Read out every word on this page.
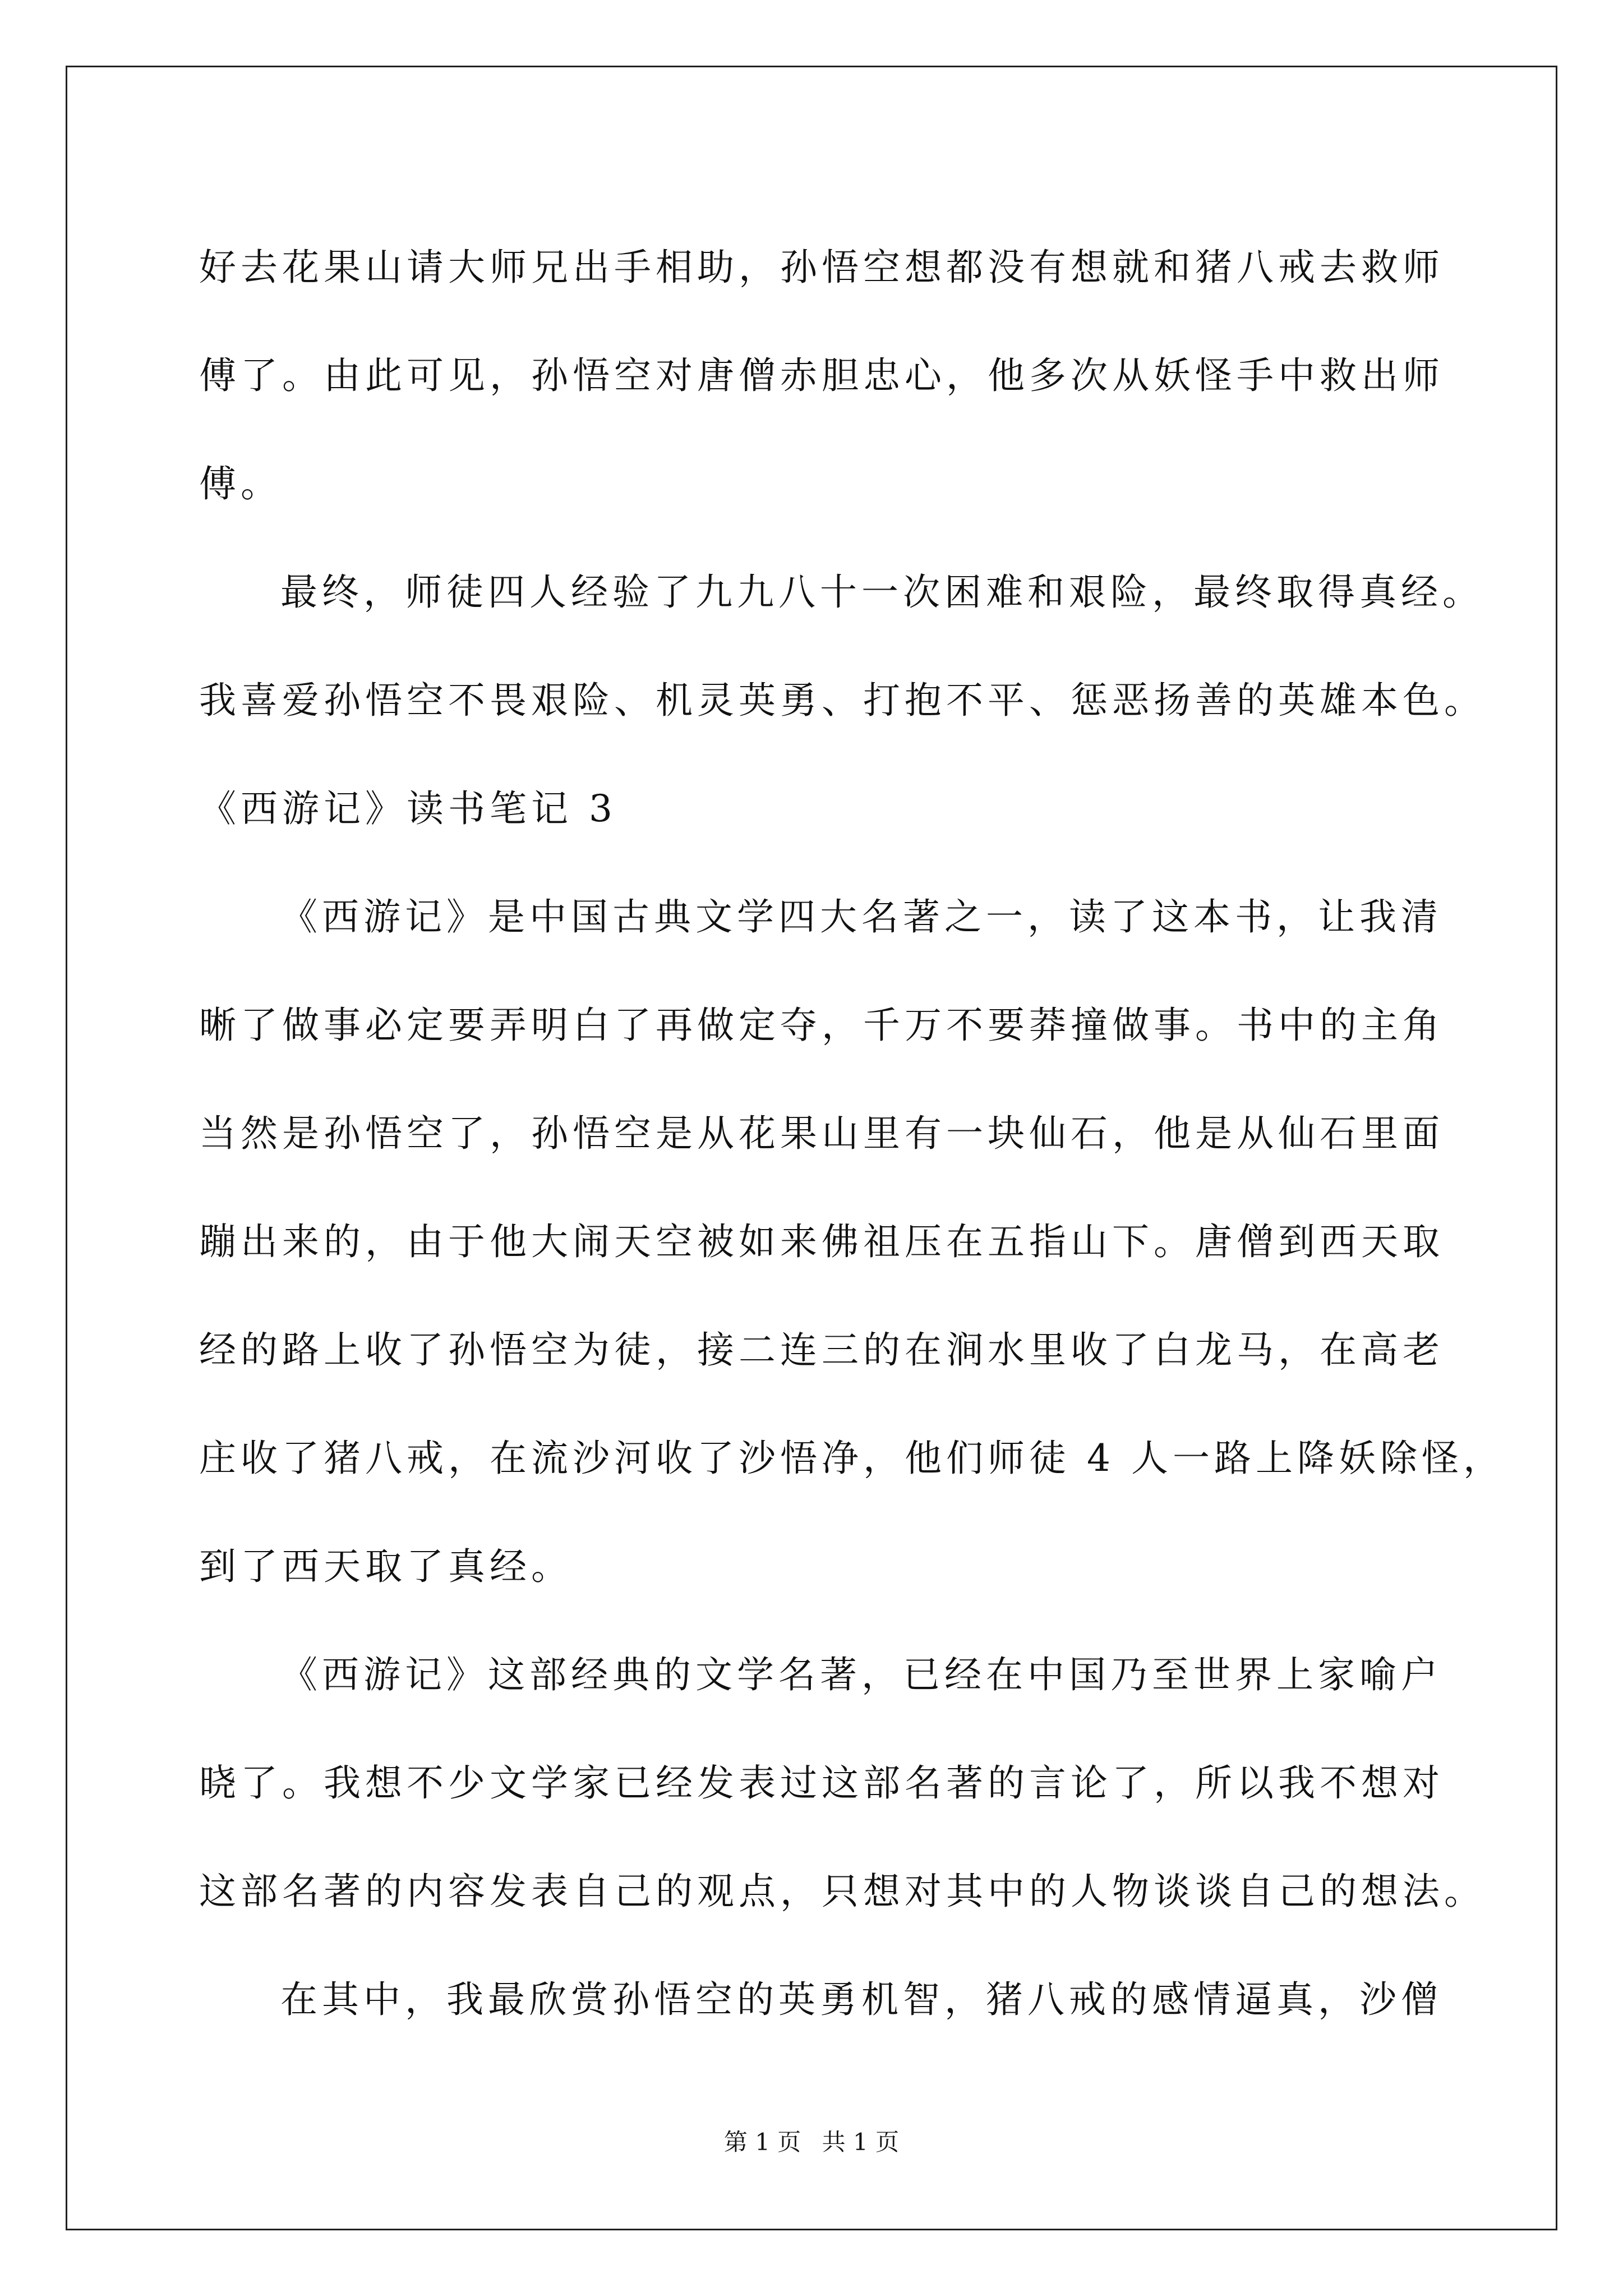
好去花果山请大师兄出手相助，孙悟空想都没有想就和猪八戒去救师
傅了。由此可见，孙悟空对唐僧赤胆忠心，他多次从妖怪手中救出师
傅。
最终，师徒四人经验了九九八十一次困难和艰险，最终取得真经。
我喜爱孙悟空不畏艰险、机灵英勇、打抱不平、惩恶扬善的英雄本色。
《西游记》读书笔记 3
《西游记》是中国古典文学四大名著之一，读了这本书，让我清
晰了做事必定要弄明白了再做定夺，千万不要莽撞做事。书中的主角
当然是孙悟空了，孙悟空是从花果山里有一块仙石，他是从仙石里面
蹦出来的，由于他大闹天空被如来佛祖压在五指山下。唐僧到西天取
经的路上收了孙悟空为徒，接二连三的在涧水里收了白龙马，在高老
庄收了猪八戒，在流沙河收了沙悟净，他们师徒 4 人一路上降妖除怪，
到了西天取了真经。
《西游记》这部经典的文学名著，已经在中国乃至世界上家喻户
晓了。我想不少文学家已经发表过这部名著的言论了，所以我不想对
这部名著的内容发表自己的观点，只想对其中的人物谈谈自己的想法。
在其中，我最欣赏孙悟空的英勇机智，猪八戒的感情逼真，沙僧
第 1 页 共 1 页
